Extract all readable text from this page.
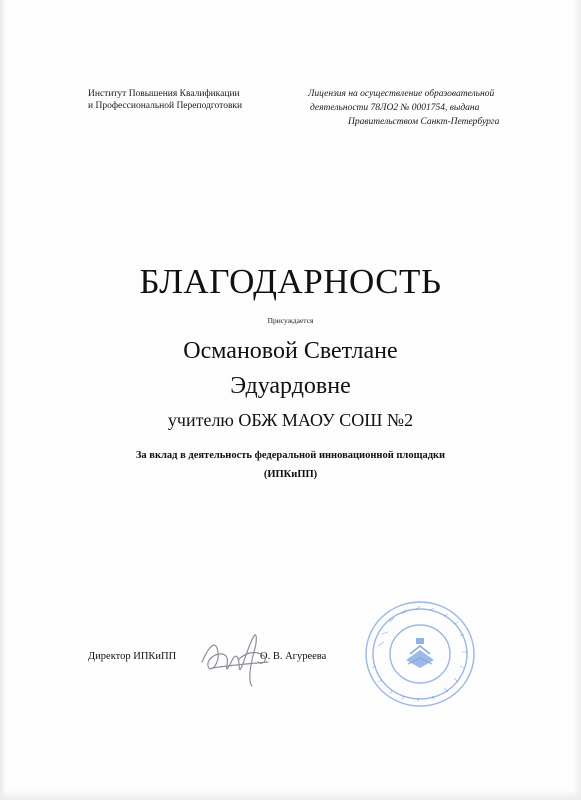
Институт Повышения Квалификации
и Профессиональной Переподготовки
Лицензия на осуществление образовательной
деятельности 78ЛО2 № 0001754, выдана
Правительством Санкт-Петербурга
БЛАГОДАРНОСТЬ
Присуждается
Османовой Светлане
Эдуардовне
учителю ОБЖ МАОУ СОШ №2
За вклад в деятельность федеральной инновационной площадки
(ИПКиПП)
Директор ИПКиПП	О. В. Агуреева
